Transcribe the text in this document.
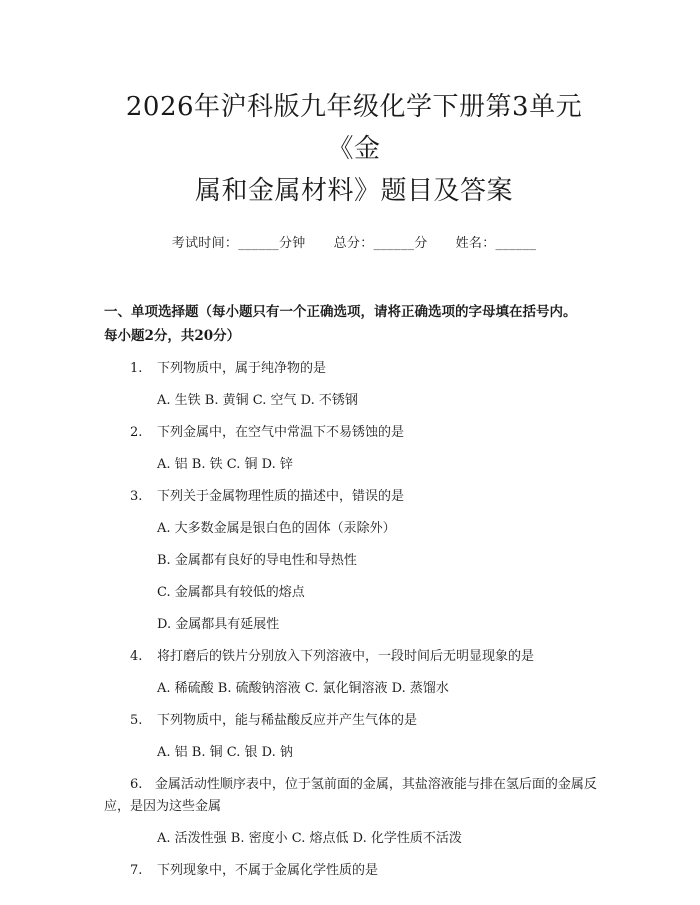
2026年沪科版九年级化学下册第3单元《金
属和金属材料》题目及答案
考试时间：______分钟 总分：______分 姓名：______
一、单项选择题（每小题只有一个正确选项，请将正确选项的字母填在括号内。
每小题2分，共20分）
1. 下列物质中，属于纯净物的是
A. 生铁 B. 黄铜 C. 空气 D. 不锈钢
2. 下列金属中，在空气中常温下不易锈蚀的是
A. 铝 B. 铁 C. 铜 D. 锌
3. 下列关于金属物理性质的描述中，错误的是
A. 大多数金属是银白色的固体（汞除外）
B. 金属都有良好的导电性和导热性
C. 金属都具有较低的熔点
D. 金属都具有延展性
4. 将打磨后的铁片分别放入下列溶液中，一段时间后无明显现象的是
A. 稀硫酸 B. 硫酸钠溶液 C. 氯化铜溶液 D. 蒸馏水
5. 下列物质中，能与稀盐酸反应并产生气体的是
A. 铝 B. 铜 C. 银 D. 钠
6. 金属活动性顺序表中，位于氢前面的金属，其盐溶液能与排在氢后面的金属反应，是因为这些金属
A. 活泼性强 B. 密度小 C. 熔点低 D. 化学性质不活泼
7. 下列现象中，不属于金属化学性质的是
